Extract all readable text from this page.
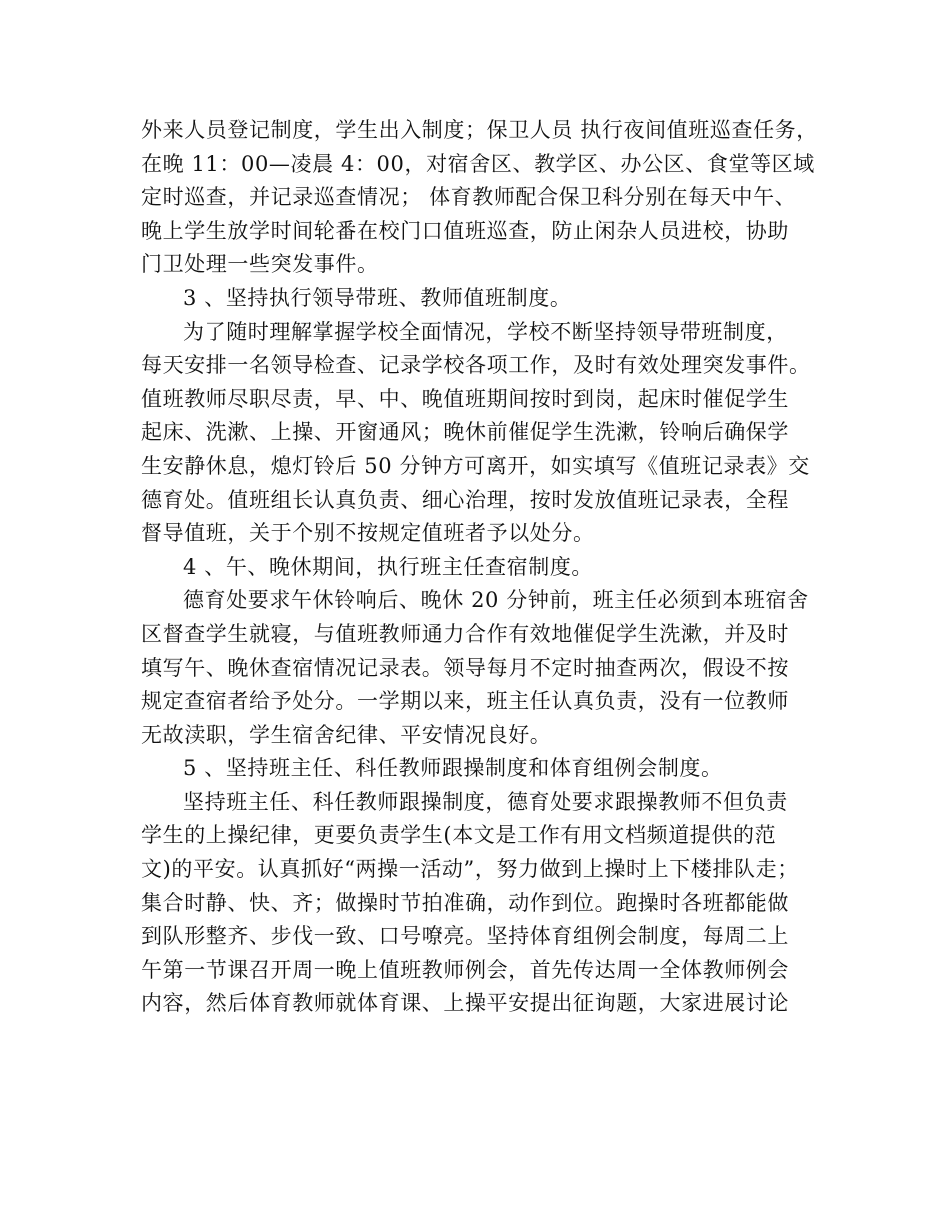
外来人员登记制度，学生出入制度；保卫人员 执行夜间值班巡查任务，
在晚 11：00—凌晨 4：00，对宿舍区、教学区、办公区、食堂等区域
定时巡查，并记录巡查情况； 体育教师配合保卫科分别在每天中午、
晚上学生放学时间轮番在校门口值班巡查，防止闲杂人员进校，协助
门卫处理一些突发事件。
3 、坚持执行领导带班、教师值班制度。
为了随时理解掌握学校全面情况，学校不断坚持领导带班制度，
每天安排一名领导检查、记录学校各项工作，及时有效处理突发事件。
值班教师尽职尽责，早、中、晚值班期间按时到岗，起床时催促学生
起床、洗漱、上操、开窗通风；晚休前催促学生洗漱，铃响后确保学
生安静休息，熄灯铃后 50 分钟方可离开，如实填写《值班记录表》交
德育处。值班组长认真负责、细心治理，按时发放值班记录表，全程
督导值班，关于个别不按规定值班者予以处分。
4 、午、晚休期间，执行班主任查宿制度。
德育处要求午休铃响后、晚休 20 分钟前，班主任必须到本班宿舍
区督查学生就寝，与值班教师通力合作有效地催促学生洗漱，并及时
填写午、晚休查宿情况记录表。领导每月不定时抽查两次，假设不按
规定查宿者给予处分。一学期以来，班主任认真负责，没有一位教师
无故渎职，学生宿舍纪律、平安情况良好。
5 、坚持班主任、科任教师跟操制度和体育组例会制度。
坚持班主任、科任教师跟操制度，德育处要求跟操教师不但负责
学生的上操纪律，更要负责学生(本文是工作有用文档频道提供的范
文)的平安。认真抓好“两操一活动”，努力做到上操时上下楼排队走；
集合时静、快、齐；做操时节拍准确，动作到位。跑操时各班都能做
到队形整齐、步伐一致、口号嘹亮。坚持体育组例会制度，每周二上
午第一节课召开周一晚上值班教师例会，首先传达周一全体教师例会
内容，然后体育教师就体育课、上操平安提出征询题，大家进展讨论
